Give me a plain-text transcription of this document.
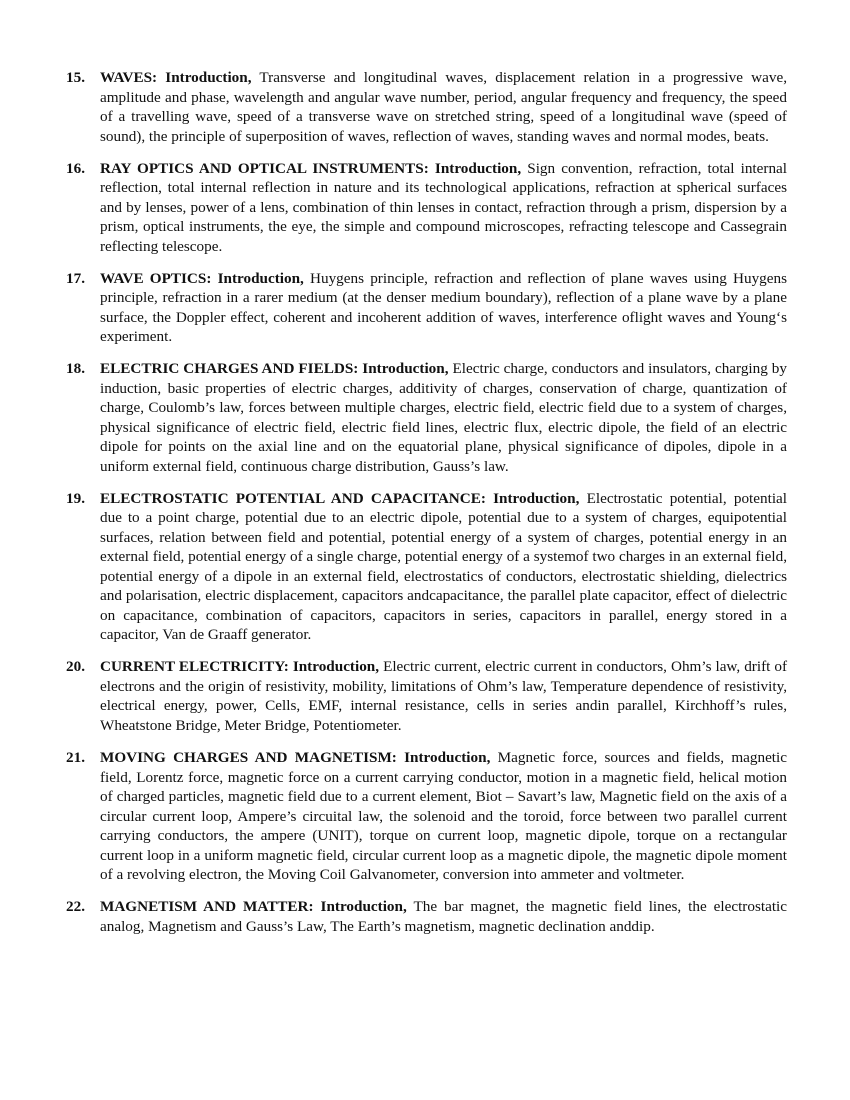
15. WAVES: Introduction, Transverse and longitudinal waves, displacement relation in a progressive wave, amplitude and phase, wavelength and angular wave number, period, angular frequency and frequency, the speed of a travelling wave, speed of a transverse wave on stretched string, speed of a longitudinal wave (speed of sound), the principle of superposition of waves, reflection of waves, standing waves and normal modes, beats.

16. RAY OPTICS AND OPTICAL INSTRUMENTS: Introduction, Sign convention, refraction, total internal reflection, total internal reflection in nature and its technological applications, refraction at spherical surfaces and by lenses, power of a lens, combination of thin lenses in contact, refraction through a prism, dispersion by a prism, optical instruments, the eye, the simple and compound microscopes, refracting telescope and Cassegrain reflecting telescope.

17. WAVE OPTICS: Introduction, Huygens principle, refraction and reflection of plane waves using Huygens principle, refraction in a rarer medium (at the denser medium boundary), reflection of a plane wave by a plane surface, the Doppler effect, coherent and incoherent addition of waves, interference oflight waves and Young‘s experiment.

18. ELECTRIC CHARGES AND FIELDS: Introduction, Electric charge, conductors and insulators, charging by induction, basic properties of electric charges, additivity of charges, conservation of charge, quantization of charge, Coulomb’s law, forces between multiple charges, electric field, electric field due to a system of charges, physical significance of electric field, electric field lines, electric flux, electric dipole, the field of an electric dipole for points on the axial line and on the equatorial plane, physical significance of dipoles, dipole in a uniform external field, continuous charge distribution, Gauss’s law.

19. ELECTROSTATIC POTENTIAL AND CAPACITANCE: Introduction, Electrostatic potential, potential due to a point charge, potential due to an electric dipole, potential due to a system of charges, equipotential surfaces, relation between field and potential, potential energy of a system of charges, potential energy in an external field, potential energy of a single charge, potential energy of a systemof two charges in an external field, potential energy of a dipole in an external field, electrostatics of conductors, electrostatic shielding, dielectrics and polarisation, electric displacement, capacitors andcapacitance, the parallel plate capacitor, effect of dielectric on capacitance, combination of capacitors, capacitors in series, capacitors in parallel, energy stored in a capacitor, Van de Graaff generator.

20. CURRENT ELECTRICITY: Introduction, Electric current, electric current in conductors, Ohm’s law, drift of electrons and the origin of resistivity, mobility, limitations of Ohm’s law, Temperature dependence of resistivity, electrical energy, power, Cells, EMF, internal resistance, cells in series andin parallel, Kirchhoff’s rules, Wheatstone Bridge, Meter Bridge, Potentiometer.

21. MOVING CHARGES AND MAGNETISM: Introduction, Magnetic force, sources and fields, magnetic field, Lorentz force, magnetic force on a current carrying conductor, motion in a magnetic field, helical motion of charged particles, magnetic field due to a current element, Biot – Savart’s law, Magnetic field on the axis of a circular current loop, Ampere’s circuital law, the solenoid and the toroid, force between two parallel current carrying conductors, the ampere (UNIT), torque on current loop, magnetic dipole, torque on a rectangular current loop in a uniform magnetic field, circular current loop as a magnetic dipole, the magnetic dipole moment of a revolving electron, the Moving Coil Galvanometer, conversion into ammeter and voltmeter.

22. MAGNETISM AND MATTER: Introduction, The bar magnet, the magnetic field lines, the electrostatic analog, Magnetism and Gauss’s Law, The Earth’s magnetism, magnetic declination anddip.
